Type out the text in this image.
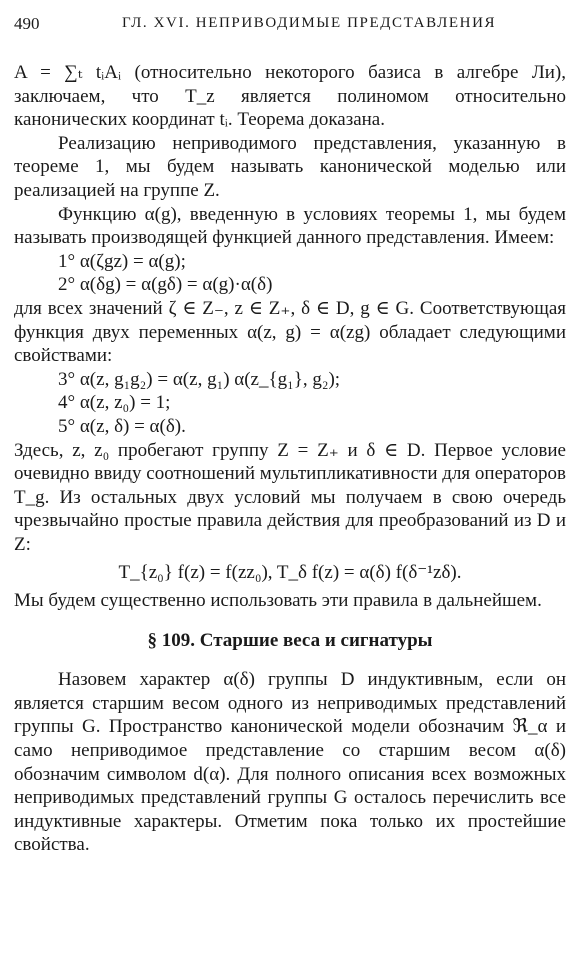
490	ГЛ. XVI. НЕПРИВОДИМЫЕ ПРЕДСТАВЛЕНИЯ

A = ∑ₜ tᵢAᵢ (относительно некоторого базиса в алгебре Ли), заключаем, что T_z является полиномом относительно канонических координат tᵢ. Теорема доказана.

Реализацию неприводимого представления, указанную в теореме 1, мы будем называть канонической моделью или реализацией на группе Z.

Функцию α(g), введенную в условиях теоремы 1, мы будем называть производящей функцией данного представления. Имеем:

1° α(ζgz) = α(g);

2° α(δg) = α(gδ) = α(g)·α(δ)

для всех значений ζ ∈ Z₋, z ∈ Z₊, δ ∈ D, g ∈ G. Соответствующая функция двух переменных α(z, g) = α(zg) обладает следующими свойствами:

3° α(z, g₁g₂) = α(z, g₁) α(z_{g₁}, g₂);

4° α(z, z₀) = 1;

5° α(z, δ) = α(δ).

Здесь, z, z₀ пробегают группу Z = Z₊ и δ ∈ D. Первое условие очевидно ввиду соотношений мультипликативности для операторов T_g. Из остальных двух условий мы получаем в свою очередь чрезвычайно простые правила действия для преобразований из D и Z:

T_{z₀} f(z) = f(zz₀), T_δ f(z) = α(δ) f(δ⁻¹zδ).

Мы будем существенно использовать эти правила в дальнейшем.

§ 109. Старшие веса и сигнатуры

Назовем характер α(δ) группы D индуктивным, если он является старшим весом одного из неприводимых представлений группы G. Пространство канонической модели обозначим ℜ_α и само неприводимое представление со старшим весом α(δ) обозначим символом d(α). Для полного описания всех возможных неприводимых представлений группы G осталось перечислить все индуктивные характеры. Отметим пока только их простейшие свойства.
